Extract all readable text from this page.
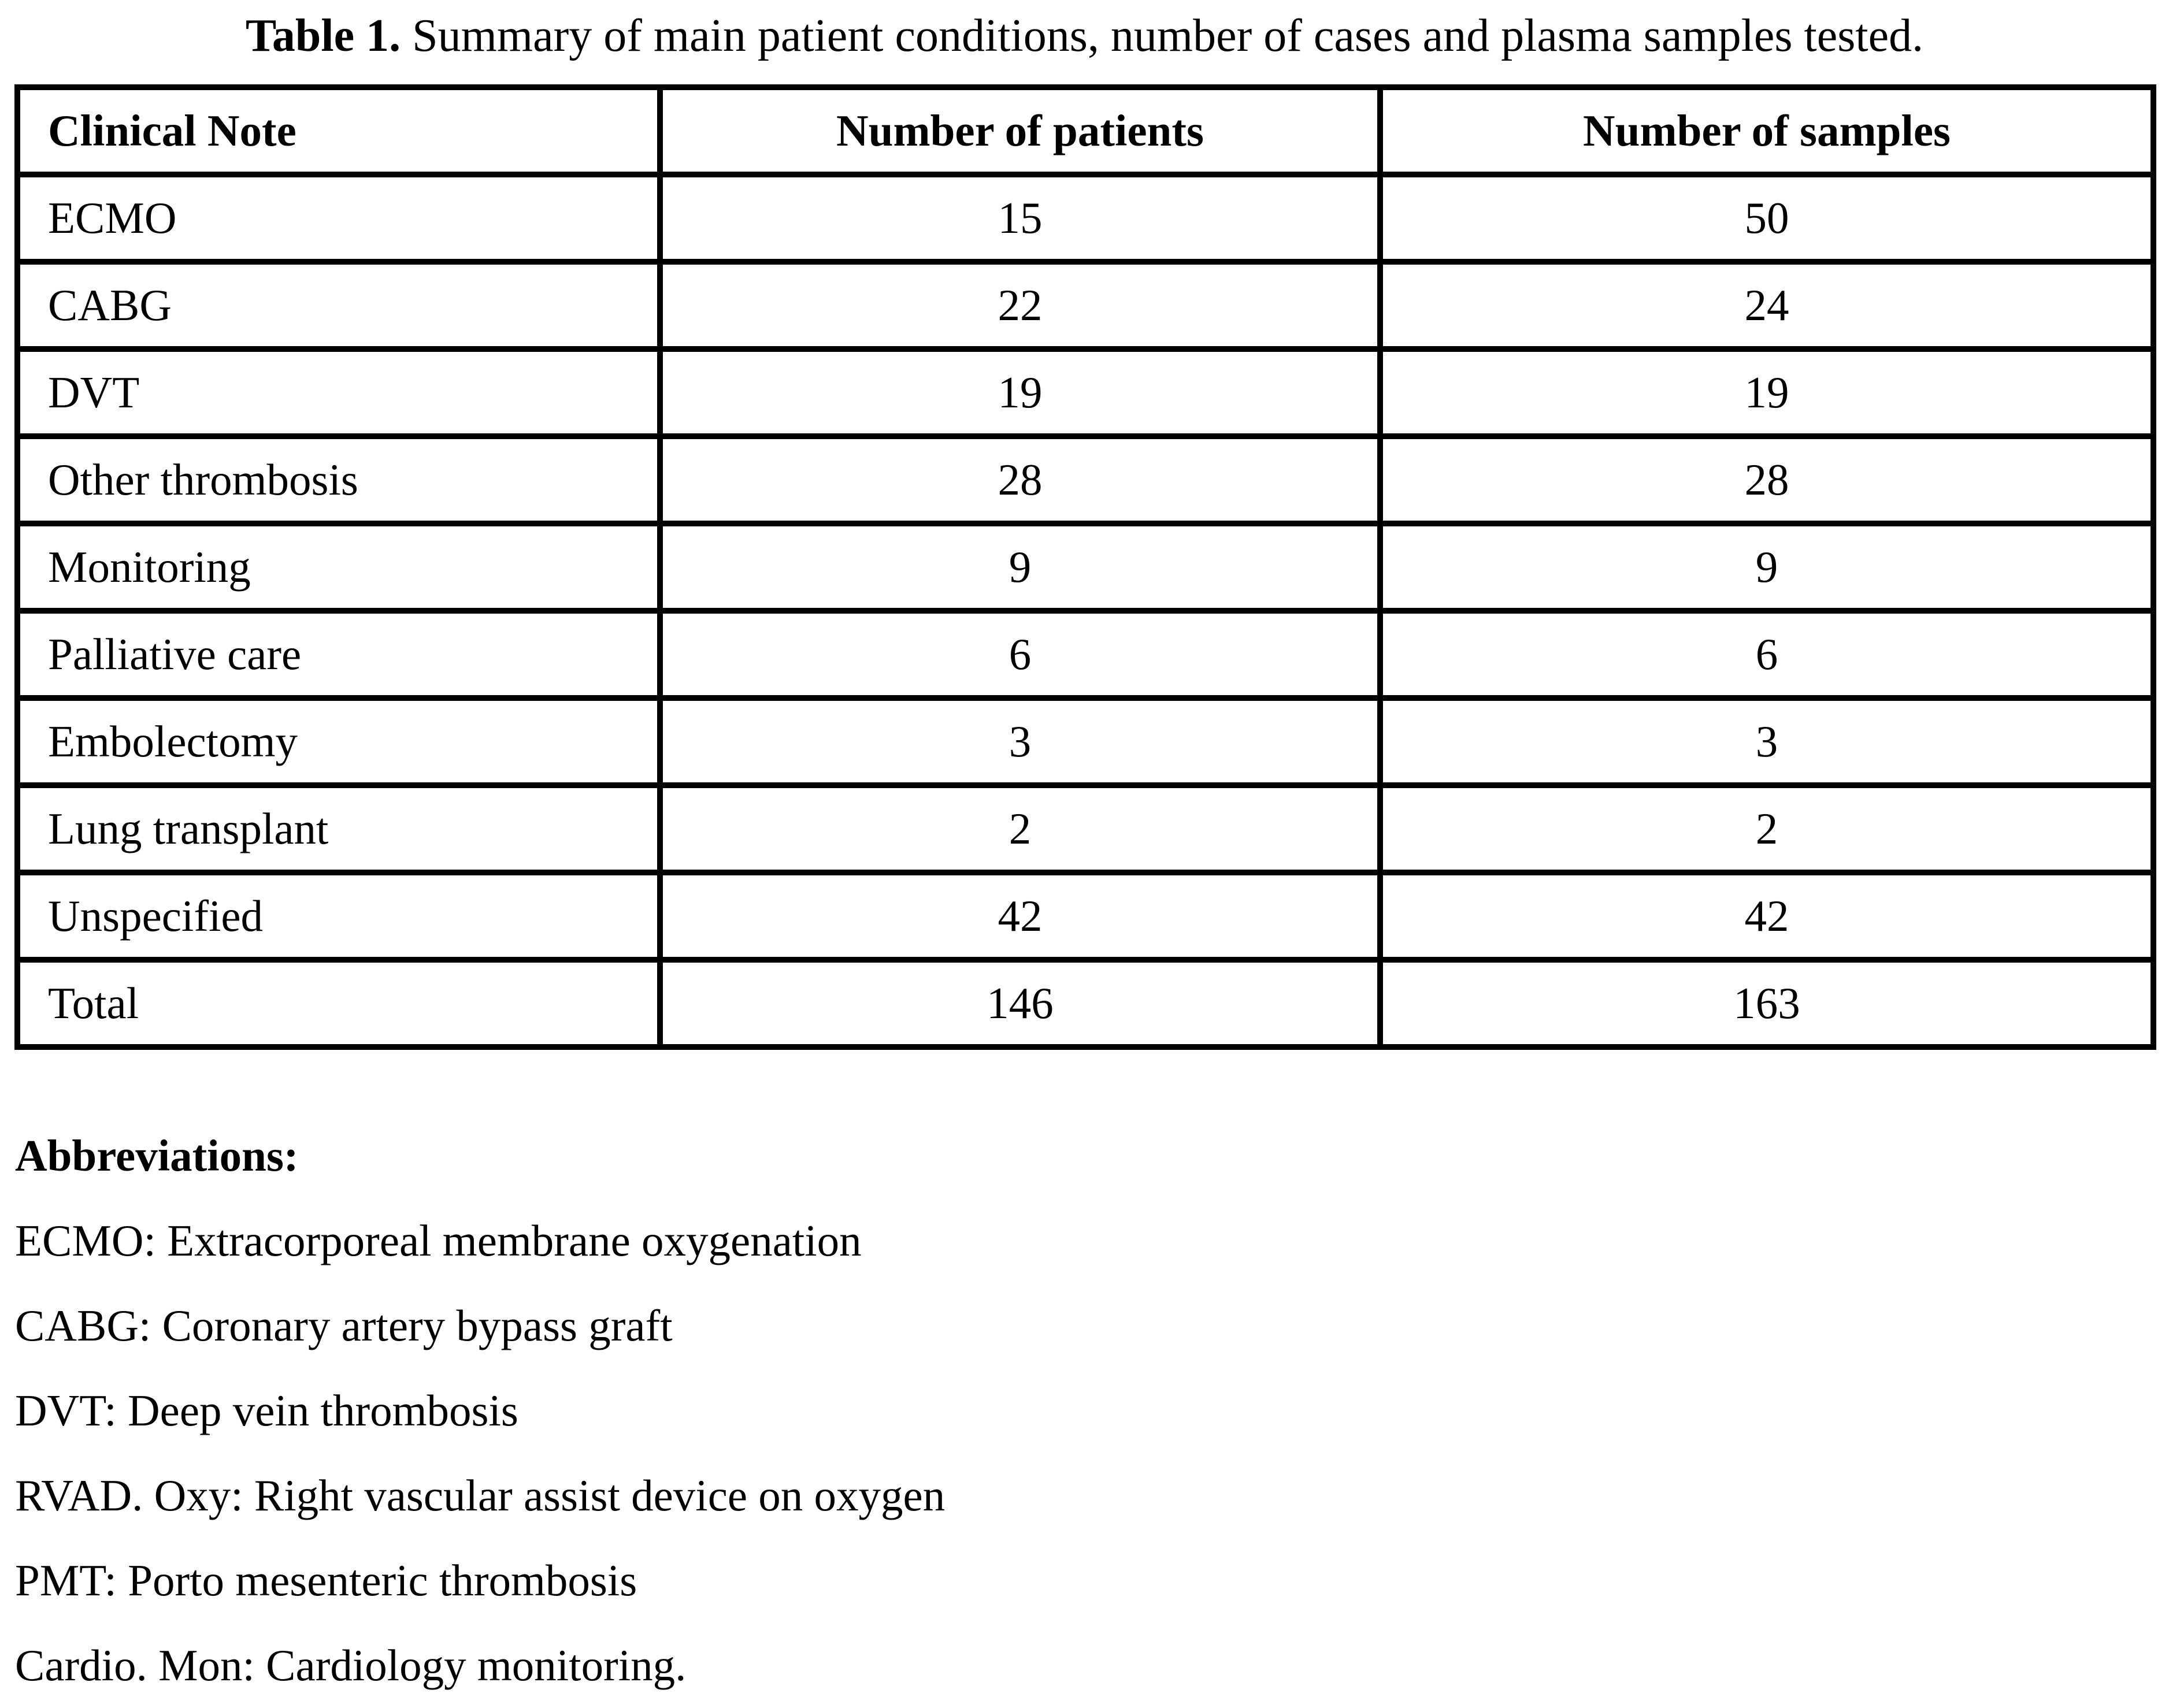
Table 1. Summary of main patient conditions, number of cases and plasma samples tested.
Clinical Note	Number of patients	Number of samples
ECMO	15	50
CABG	22	24
DVT	19	19
Other thrombosis	28	28
Monitoring	9	9
Palliative care	6	6
Embolectomy	3	3
Lung transplant	2	2
Unspecified	42	42
Total	146	163
Abbreviations:
ECMO: Extracorporeal membrane oxygenation
CABG: Coronary artery bypass graft
DVT: Deep vein thrombosis
RVAD. Oxy: Right vascular assist device on oxygen
PMT: Porto mesenteric thrombosis
Cardio. Mon: Cardiology monitoring.
